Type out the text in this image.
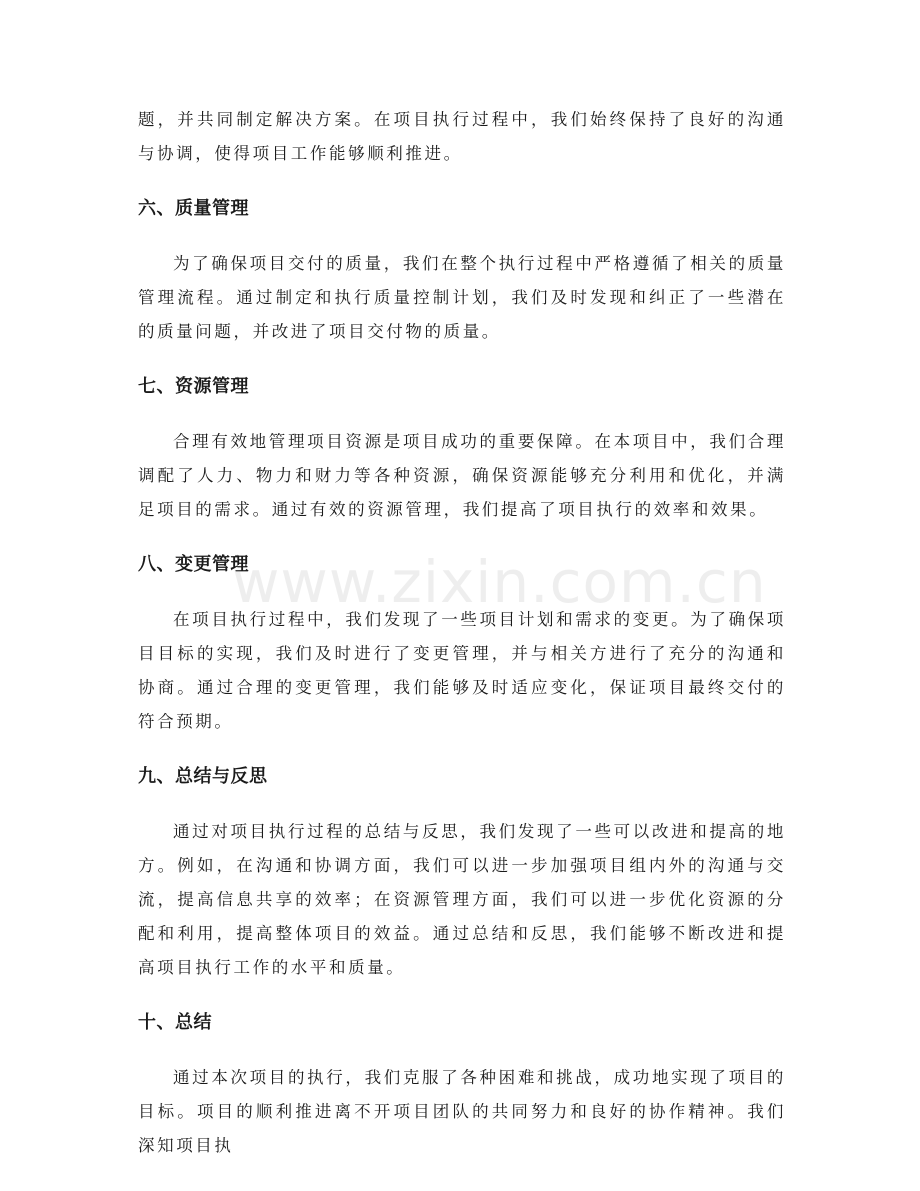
题，并共同制定解决方案。在项目执行过程中，我们始终保持了良好的沟通与协调，使得项目工作能够顺利推进。

六、质量管理

为了确保项目交付的质量，我们在整个执行过程中严格遵循了相关的质量管理流程。通过制定和执行质量控制计划，我们及时发现和纠正了一些潜在的质量问题，并改进了项目交付物的质量。

七、资源管理

合理有效地管理项目资源是项目成功的重要保障。在本项目中，我们合理调配了人力、物力和财力等各种资源，确保资源能够充分利用和优化，并满足项目的需求。通过有效的资源管理，我们提高了项目执行的效率和效果。

八、变更管理

在项目执行过程中，我们发现了一些项目计划和需求的变更。为了确保项目目标的实现，我们及时进行了变更管理，并与相关方进行了充分的沟通和协商。通过合理的变更管理，我们能够及时适应变化，保证项目最终交付的符合预期。

九、总结与反思

通过对项目执行过程的总结与反思，我们发现了一些可以改进和提高的地方。例如，在沟通和协调方面，我们可以进一步加强项目组内外的沟通与交流，提高信息共享的效率；在资源管理方面，我们可以进一步优化资源的分配和利用，提高整体项目的效益。通过总结和反思，我们能够不断改进和提高项目执行工作的水平和质量。

十、总结

通过本次项目的执行，我们克服了各种困难和挑战，成功地实现了项目的目标。项目的顺利推进离不开项目团队的共同努力和良好的协作精神。我们深知项目执

www.zixin.com.cn
